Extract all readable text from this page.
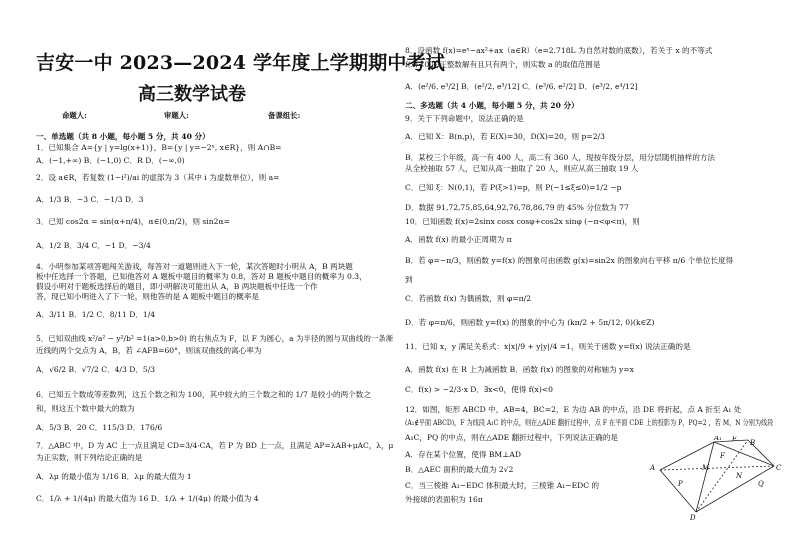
吉安一中 2023—2024 学年度上学期期中考试
高三数学试卷
命题人:	审题人:	备课组长:
一、单选题（共 8 小题，每小题 5 分，共 40 分）
1．已知集合 A={y | y=lg(x+1)}，B={y | y=−2ˣ, x∈R}，则 A∩B=
A．(−1,+∞) B．(−1,0) C．R D．(−∞,0)
2．设 a∈R，若复数 (1−i²)/ai 的虚部为 3（其中 i 为虚数单位），则 a=
A．1/3 B．−3 C．−1/3 D．3
3．已知 cos2α = sin(α+π/4)，α∈(0,π/2)，则 sin2α=
A．1/2 B．3/4 C．−1 D．−3/4
4．小明参加某项答题闯关游戏，每答对一道题则进入下一轮，某次答题时小明从 A，B 两块题
板中任选择一个答题，已知他答对 A 题板中题目的概率为 0.8，答对 B 题板中题目的概率为 0.3，
假设小明对于题板选择后的题目，即小明解决可能出从 A，B 两块题板中任选一个作
答，现已知小明进入了下一轮，则他答的是 A 题板中题目的概率是
A．3/11 B．1/2 C．8/11 D．1/4
5．已知双曲线 x²/a² − y²/b² =1(a>0,b>0) 的右焦点为 F，以 F 为圆心，a 为半径的圆与双曲线的一条渐
近线的两个交点为 A，B，若 ∠AFB=60°，则该双曲线的离心率为
A．√6/2 B．√7/2 C．4/3 D．5/3
6．已知五个数成等差数列，这五个数之和为 100，其中较大的三个数之和的 1/7 是较小的两个数之
和，则这五个数中最大的数为
A．5/3 B．20 C．115/3 D．176/6
7．△ABC 中，D 为 AC 上一点且满足 CD=3/4·CA，若 P 为 BD 上一点，且满足 AP=λAB+μAC，λ，μ
为正实数，则下列结论正确的是
A．λμ 的最小值为 1/16 B．λμ 的最大值为 1
C．1/λ + 1/(4μ) 的最大值为 16 D．1/λ + 1/(4μ) 的最小值为 4
8．设函数 f(x)=eˣ−ax²+ax（a∈R）（e=2.718L 为自然对数的底数），若关于 x 的不等式
f(x)<0 的正整数解有且只有两个，则实数 a 的取值范围是
A．(e²/6, e³/2] B．(e²/2, e³/12] C．(e³/6, e²/2] D．(e³/2, e⁴/12]
二、多选题（共 4 小题，每小题 5 分，共 20 分）
9．关于下列命题中，说法正确的是
A．已知 X：B(n,p)，若 E(X)=30，D(X)=20，则 p=2/3
B．某校三个年级，高一有 400 人，高二有 360 人，现按年级分层，用分层随机抽样的方法
从全校抽取 57 人，已知从高一抽取了 20 人，则应从高三抽取 19 人
C．已知 ξ：N(0,1)，若 P(ξ>1)=p，则 P(−1≤ξ≤0)=1/2 −p
D．数据 91,72,75,85,64,92,76,78,86,79 的 45% 分位数为 77
10．已知函数 f(x)=2sinx cosx cosφ+cos2x sinφ (−π<φ<π)，则
A．函数 f(x) 的最小正周期为 π
B．若 φ=−π/3，则函数 y=f(x) 的图象可由函数 g(x)=sin2x 的图象向右平移 π/6 个单位长度得
到
C．若函数 f(x) 为偶函数，则 φ=π/2
D．若 φ=π/6，则函数 y=f(x) 的图象的中心为 (kπ/2 + 5π/12, 0)(k∈Z)
11．已知 x，y 满足关系式：x|x|/9 + y|y|/4 =1，则关于函数 y=f(x) 说法正确的是
A．函数 f(x) 在 R 上为减函数 B．函数 f(x) 的图象的对称轴为 y=x
C．f(x) > −2/3·x D．∃x<0，使得 f(x)<0
12．如图，矩形 ABCD 中，AB=4，BC=2，E 为边 AB 的中点，沿 DE 将折起，点 A 折至 A₁ 处
(A₁∉平面 ABCD)，F 为线段 A₁C 的中点，则在△ADE 翻折过程中，点 F 在平面 CDE 上的投影为 P，PQ=2 ，若 M，N 分别为线段
A₁C，PQ 的中点，则在△ADE 翻折过程中，下列说法正确的是
A．存在某个位置，使得 BM⊥AD
B．△AEC 面积的最大值为 2√2
C．当三棱锥 A₁−EDC 体积最大时，三棱锥 A₁−EDC 的
外接球的表面积为 16π
A₁
A
E B
D
C
F
M
N
P	Q
